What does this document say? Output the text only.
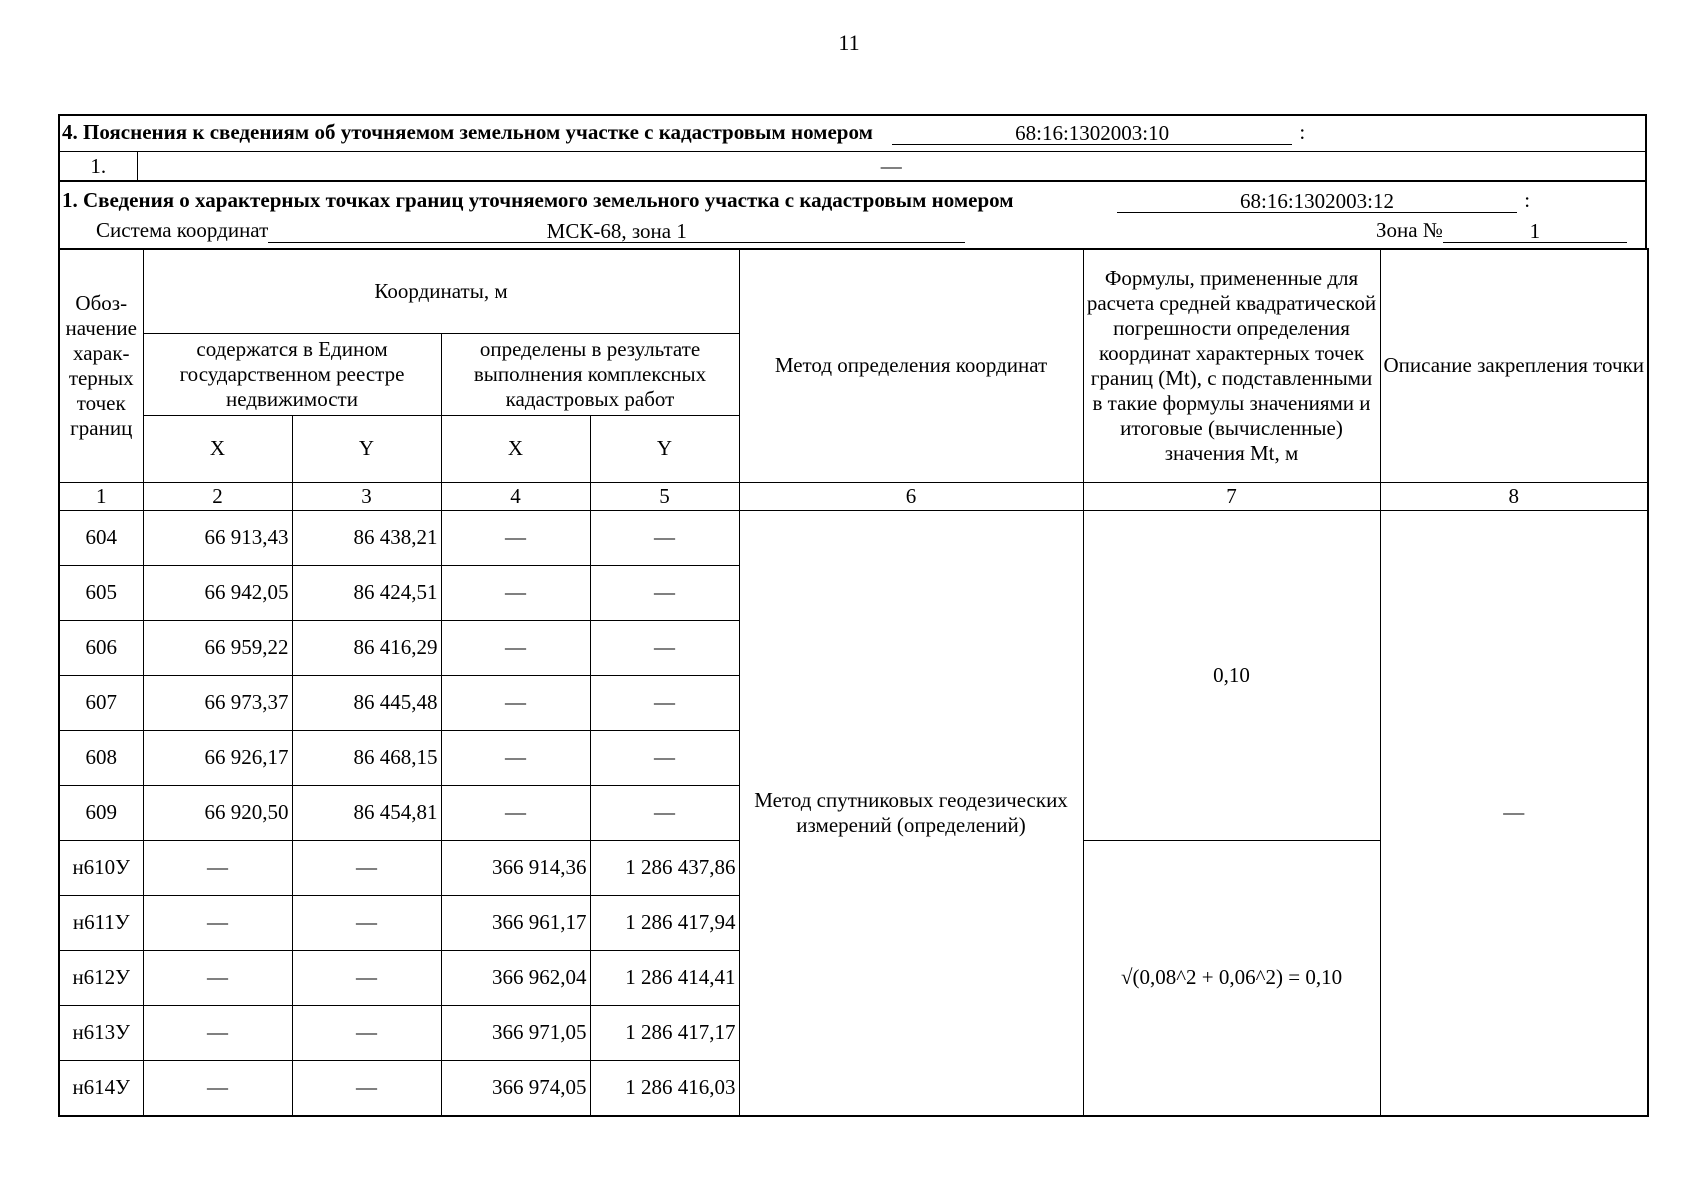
11
4. Пояснения к сведениям об уточняемом земельном участке с кадастровым номером	68:16:1302003:10	:
1.	—
1. Сведения о характерных точках границ уточняемого земельного участка с кадастровым номером	68:16:1302003:12	:
Система координат	МСК-68, зона 1	Зона №	1
Обоз-начение харак-терных точек границ	Координаты, м				Метод определения координат	Формулы, примененные для расчета средней квадратической погрешности определения координат характерных точек границ (Mt), с подставленными в такие формулы значениями и итоговые (вычисленные) значения Mt, м	Описание закрепления точки
	содержатся в Едином государственном реестре недвижимости		определены в результате выполнения комплексных кадастровых работ				
	X	Y	X	Y			
1	2	3	4	5	6	7	8
604	66 913,43	86 438,21	—	—	Метод спутниковых геодезических измерений (определений)	0,10	—
605	66 942,05	86 424,51	—	—			
606	66 959,22	86 416,29	—	—			
607	66 973,37	86 445,48	—	—			
608	66 926,17	86 468,15	—	—			
609	66 920,50	86 454,81	—	—			
н610У	—	—	366 914,36	1 286 437,86		√(0,08^2 + 0,06^2) = 0,10	
н611У	—	—	366 961,17	1 286 417,94			
н612У	—	—	366 962,04	1 286 414,41			
н613У	—	—	366 971,05	1 286 417,17			
н614У	—	—	366 974,05	1 286 416,03			
